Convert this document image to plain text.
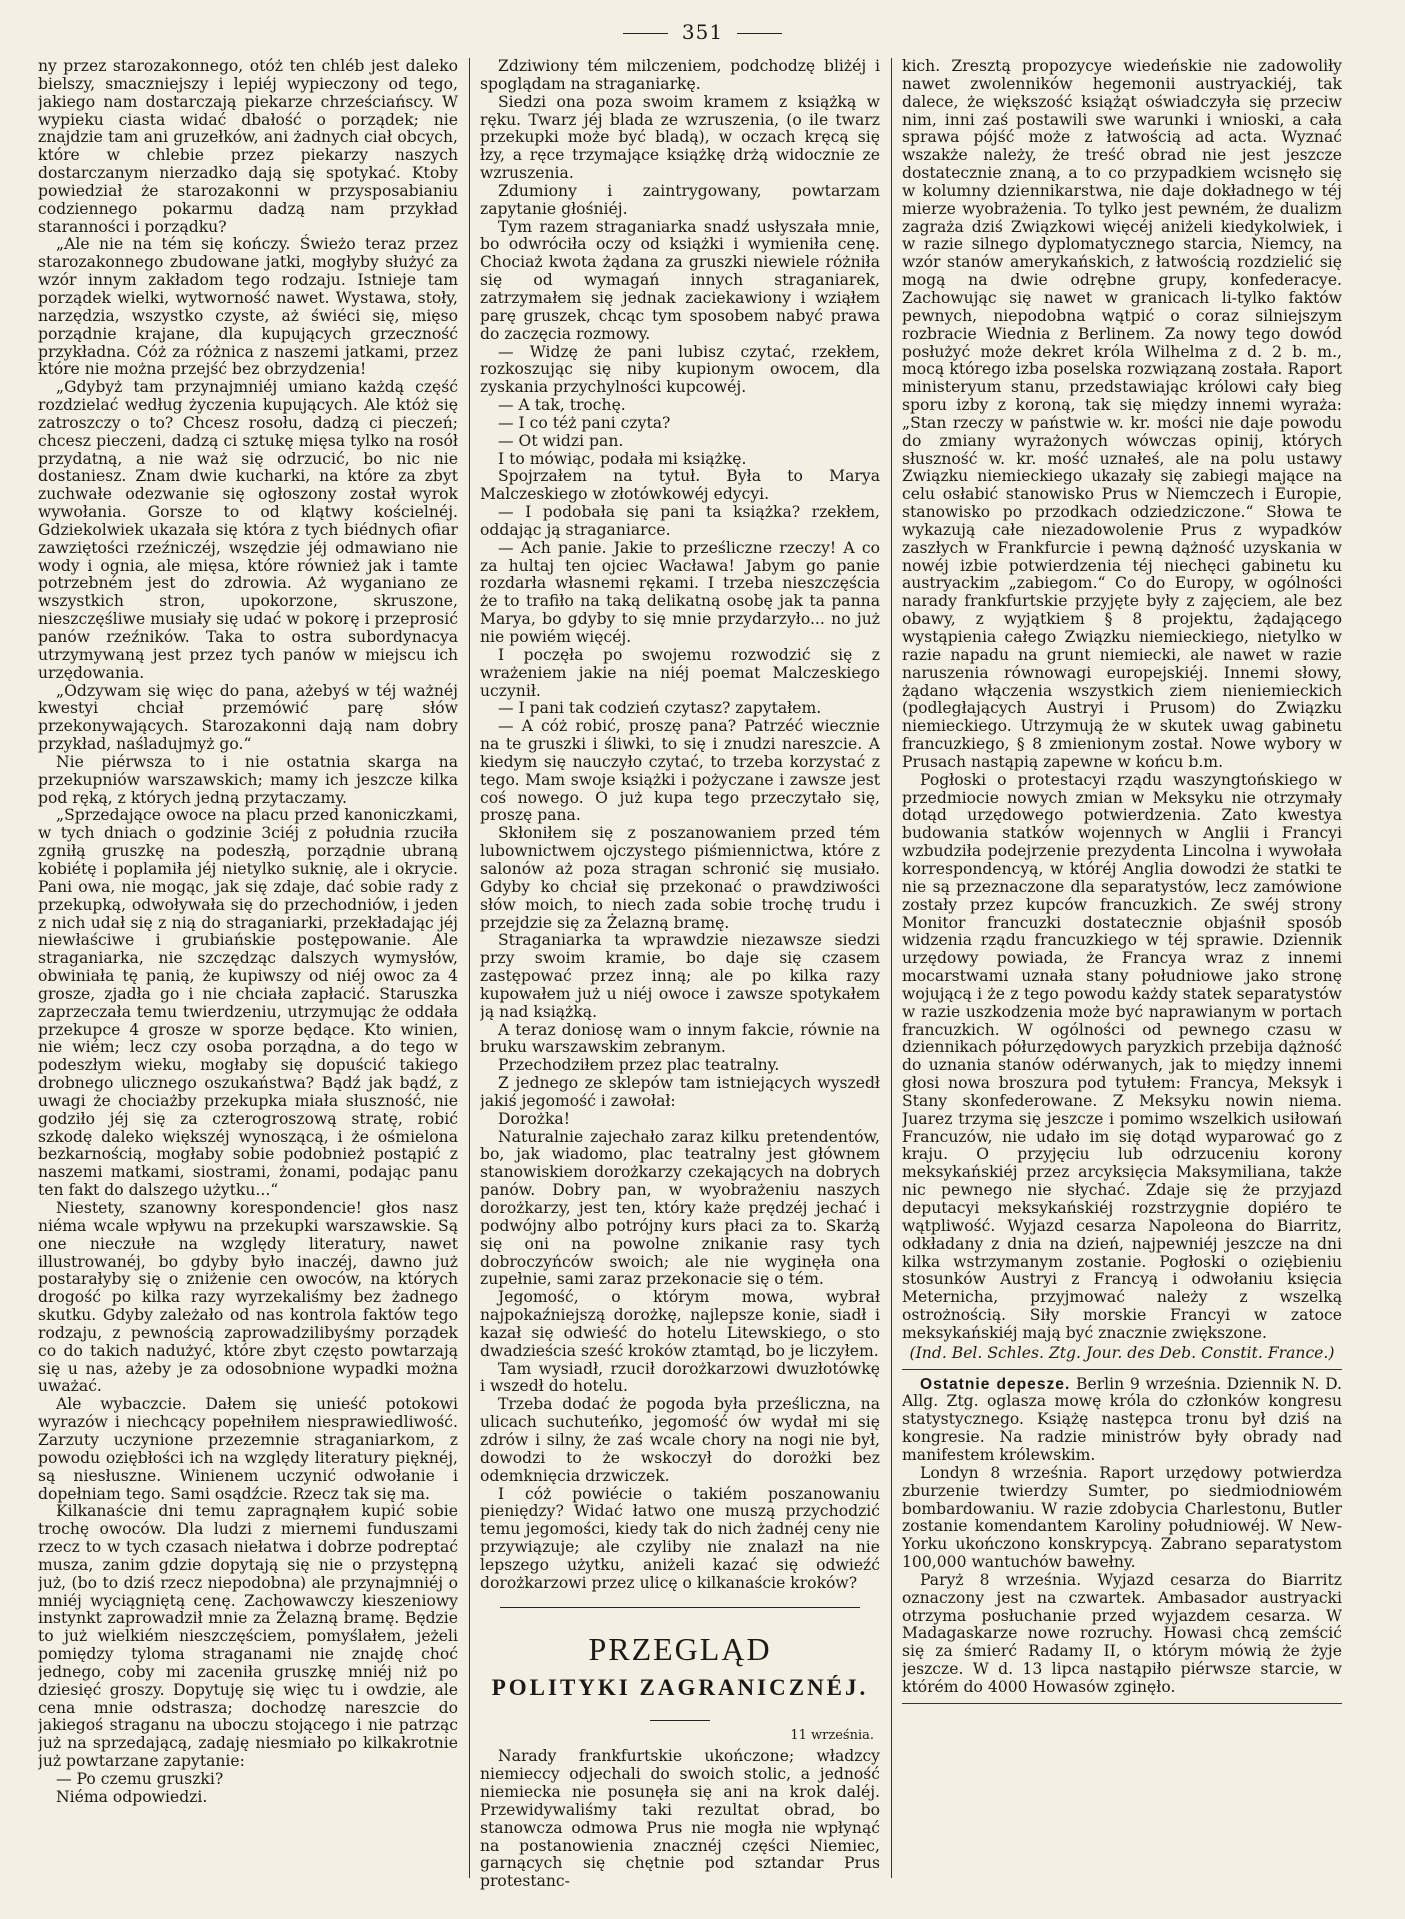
351

ny przez starozakonnego, otóż ten chléb jest daleko bielszy, smaczniejszy i lepiéj wypieczony od tego, jakiego nam dostarczają piekarze chrześciańscy. W wypieku ciasta widać dbałość o porządek; nie znajdzie tam ani gruzełków, ani żadnych ciał obcych, które w chlebie przez piekarzy naszych dostarczanym nierzadko dają się spotykać. Ktoby powiedział że starozakonni w przysposabianiu codziennego pokarmu dadzą nam przykład staranności i porządku?

„Ale nie na tém się kończy. Świeżo teraz przez starozakonnego zbudowane jatki, mogłyby służyć za wzór innym zakładom tego rodzaju. Istnieje tam porządek wielki, wytworność nawet. Wystawa, stoły, narzędzia, wszystko czyste, aż świéci się, mięso porządnie krajane, dla kupujących grzeczność przykładna. Cóż za różnica z naszemi jatkami, przez które nie można przejść bez obrzydzenia!

„Gdybyż tam przynajmniéj umiano każdą część rozdzielać według życzenia kupujących. Ale któż się zatroszczy o to? Chcesz rosołu, dadzą ci pieczeń; chcesz pieczeni, dadzą ci sztukę mięsa tylko na rosół przydatną, a nie waż się odrzucić, bo nic nie dostaniesz. Znam dwie kucharki, na które za zbyt zuchwałe odezwanie się ogłoszony został wyrok wywołania. Gorsze to od klątwy kościelnéj. Gdziekolwiek ukazała się która z tych biédnych ofiar zawziętości rzeźniczéj, wszędzie jéj odmawiano nie wody i ognia, ale mięsa, które również jak i tamte potrzebném jest do zdrowia. Aż wyganiano ze wszystkich stron, upokorzone, skruszone, nieszczęśliwe musiały się udać w pokorę i przeprosić panów rzeźników. Taka to ostra subordynacya utrzymywaną jest przez tych panów w miejscu ich urzędowania.

„Odzywam się więc do pana, ażebyś w téj ważnéj kwestyi chciał przemówić parę słów przekonywających. Starozakonni dają nam dobry przykład, naśladujmyż go.“

Nie piérwsza to i nie ostatnia skarga na przekupniów warszawskich; mamy ich jeszcze kilka pod ręką, z których jedną przytaczamy.

„Sprzedające owoce na placu przed kanoniczkami, w tych dniach o godzinie 3ciéj z południa rzuciła zgniłą gruszkę na podeszłą, porządnie ubraną kobiétę i poplamiła jéj nietylko suknię, ale i okrycie. Pani owa, nie mogąc, jak się zdaje, dać sobie rady z przekupką, odwoływała się do przechodniów, i jeden z nich udał się z nią do straganiarki, przekładając jéj niewłaściwe i grubiańskie postępowanie. Ale straganiarka, nie szczędząc dalszych wymysłów, obwiniała tę panią, że kupiwszy od niéj owoc za 4 grosze, zjadła go i nie chciała zapłacić. Staruszka zaprzeczała temu twierdzeniu, utrzymując że oddała przekupce 4 grosze w sporze będące. Kto winien, nie wiém; lecz czy osoba porządna, a do tego w podeszłym wieku, mogłaby się dopuścić takiego drobnego ulicznego oszukaństwa? Bądź jak bądź, z uwagi że chociażby przekupka miała słuszność, nie godziło jéj się za czterogroszową stratę, robić szkodę daleko większéj wynoszącą, i że ośmielona bezkarnością, mogłaby sobie podobnież postąpić z naszemi matkami, siostrami, żonami, podając panu ten fakt do dalszego użytku...“

Niestety, szanowny korespondencie! głos nasz niéma wcale wpływu na przekupki warszawskie. Są one nieczułe na względy literatury, nawet illustrowanéj, bo gdyby było inaczéj, dawno już postarałyby się o zniżenie cen owoców, na których drogość po kilka razy wyrzekaliśmy bez żadnego skutku. Gdyby zależało od nas kontrola faktów tego rodzaju, z pewnością zaprowadzilibyśmy porządek co do takich nadużyć, które zbyt często powtarzają się u nas, ażeby je za odosobnione wypadki można uważać.

Ale wybaczcie. Dałem się unieść potokowi wyrazów i niechcący popełniłem niesprawiedliwość. Zarzuty uczynione przezemnie straganiarkom, z powodu oziębłości ich na względy literatury pięknéj, są niesłuszne. Winienem uczynić odwołanie i dopełniam tego. Sami osądźcie. Rzecz tak się ma.

Kilkanaście dni temu zapragnąłem kupić sobie trochę owoców. Dla ludzi z miernemi funduszami rzecz to w tych czasach niełatwa i dobrze podreptać musza, zanim gdzie dopytają się nie o przystępną już, (bo to dziś rzecz niepodobna) ale przynajmniéj o mniéj wyciągniętą cenę. Zachowawczy kieszeniowy instynkt zaprowadził mnie za Żelazną bramę. Będzie to już wielkiém nieszczęściem, pomyślałem, jeżeli pomiędzy tyloma straganami nie znajdę choć jednego, coby mi zaceniła gruszkę mniéj niż po dziesięć groszy. Dopytuję się więc tu i owdzie, ale cena mnie odstrasza; dochodzę nareszcie do jakiegoś straganu na uboczu stojącego i nie patrząc już na sprzedającą, zadaję niesmiało po kilkakrotnie już powtarzane zapytanie:

— Po czemu gruszki?

Niéma odpowiedzi.

Zdziwiony tém milczeniem, podchodzę bliżéj i spoglądam na straganiarkę.

Siedzi ona poza swoim kramem z książką w ręku. Twarz jéj blada ze wzruszenia, (o ile twarz przekupki może być bladą), w oczach kręcą się łzy, a ręce trzymające książkę drżą widocznie ze wzruszenia.

Zdumiony i zaintrygowany, powtarzam zapytanie głośniéj.

Tym razem straganiarka snadź usłyszała mnie, bo odwróciła oczy od książki i wymieniła cenę. Chociaż kwota żądana za gruszki niewiele różniła się od wymagań innych straganiarek, zatrzymałem się jednak zaciekawiony i wziąłem parę gruszek, chcąc tym sposobem nabyć prawa do zaczęcia rozmowy.

— Widzę że pani lubisz czytać, rzekłem, rozkoszując się niby kupionym owocem, dla zyskania przychylności kupcowéj.

— A tak, trochę.

— I co téż pani czyta?

— Ot widzi pan.

I to mówiąc, podała mi książkę.

Spojrzałem na tytuł. Była to Marya Malczeskiego w złotówkowéj edycyi.

— I podobała się pani ta książka? rzekłem, oddając ją straganiarce.

— Ach panie. Jakie to prześliczne rzeczy! A co za hultaj ten ojciec Wacława! Jabym go panie rozdarła własnemi rękami. I trzeba nieszczęścia że to trafiło na taką delikatną osobę jak ta panna Marya, bo gdyby to się mnie przydarzyło... no już nie powiém więcéj.

I poczęła po swojemu rozwodzić się z wrażeniem jakie na niéj poemat Malczeskiego uczynił.

— I pani tak codzień czytasz? zapytałem.

— A cóż robić, proszę pana? Patrzéć wiecznie na te gruszki i śliwki, to się i znudzi nareszcie. A kiedym się nauczyło czytać, to trzeba korzystać z tego. Mam swoje książki i pożyczane i zawsze jest coś nowego. O już kupa tego przeczytało się, proszę pana.

Skłoniłem się z poszanowaniem przed tém lubownictwem ojczystego piśmiennictwa, które z salonów aż poza stragan schronić się musiało. Gdyby ko chciał się przekonać o prawdziwości słów moich, to niech zada sobie trochę trudu i przejdzie się za Żelazną bramę.

Straganiarka ta wprawdzie niezawsze siedzi przy swoim kramie, bo daje się czasem zastępować przez inną; ale po kilka razy kupowałem już u niéj owoce i zawsze spotykałem ją nad książką.

A teraz doniosę wam o innym fakcie, równie na bruku warszawskim zebranym.

Przechodziłem przez plac teatralny.

Z jednego ze sklepów tam istniejących wyszedł jakiś jegomość i zawołał:

Dorożka!

Naturalnie zajechało zaraz kilku pretendentów, bo, jak wiadomo, plac teatralny jest głównem stanowiskiem dorożkarzy czekających na dobrych panów. Dobry pan, w wyobrażeniu naszych dorożkarzy, jest ten, który każe prędzéj jechać i podwójny albo potrójny kurs płaci za to. Skarżą się oni na powolne znikanie rasy tych dobroczyńców swoich; ale nie wyginęła ona zupełnie, sami zaraz przekonacie się o tém.

Jegomość, o którym mowa, wybrał najpokaźniejszą dorożkę, najlepsze konie, siadł i kazał się odwieść do hotelu Litewskiego, o sto dwadzieścia sześć kroków ztamtąd, bo je liczyłem.

Tam wysiadł, rzucił dorożkarzowi dwuzłotówkę i wszedł do hotelu.

Trzeba dodać że pogoda była prześliczna, na ulicach suchuteńko, jegomość ów wydał mi się zdrów i silny, że zaś wcale chory na nogi nie był, dowodzi to że wskoczył do dorożki bez odemknięcia drzwiczek.

I cóż powiécie o takiém poszanowaniu pieniędzy? Widać łatwo one muszą przychodzić temu jegomości, kiedy tak do nich żadnéj ceny nie przywiązuje; ale czyliby nie znalazł na nie lepszego użytku, aniżeli kazać się odwieźć dorożkarzowi przez ulicę o kilkanaście kroków?

PRZEGLĄD
POLITYKI ZAGRANICZNÉJ.
11 września.

Narady frankfurtskie ukończone; władzcy niemieccy odjechali do swoich stolic, a jedność niemiecka nie posunęła się ani na krok daléj. Przewidywaliśmy taki rezultat obrad, bo stanowcza odmowa Prus nie mogła nie wpłynąć na postanowienia znacznéj części Niemiec, garnących się chętnie pod sztandar Prus protestanc-

kich. Zresztą propozycye wiedeńskie nie zadowoliły nawet zwolenników hegemonii austryackiéj, tak dalece, że większość książąt oświadczyła się przeciw nim, inni zaś postawili swe warunki i wnioski, a cała sprawa pójść może z łatwością ad acta. Wyznać wszakże należy, że treść obrad nie jest jeszcze dostatecznie znaną, a to co przypadkiem wcisnęło się w kolumny dziennikarstwa, nie daje dokładnego w téj mierze wyobrażenia. To tylko jest pewném, że dualizm zagraża dziś Związkowi więcéj aniżeli kiedykolwiek, i w razie silnego dyplomatycznego starcia, Niemcy, na wzór stanów amerykańskich, z łatwością rozdzielić się mogą na dwie odrębne grupy, konfederacye. Zachowując się nawet w granicach li-tylko faktów pewnych, niepodobna wątpić o coraz silniejszym rozbracie Wiednia z Berlinem. Za nowy tego dowód posłużyć może dekret króla Wilhelma z d. 2 b. m., mocą którego izba poselska rozwiązaną została. Raport ministeryum stanu, przedstawiając królowi cały bieg sporu izby z koroną, tak się między innemi wyraża: „Stan rzeczy w państwie w. kr. mości nie daje powodu do zmiany wyrażonych wówczas opinij, których słuszność w. kr. mość uznałeś, ale na polu ustawy Związku niemieckiego ukazały się zabiegi mające na celu osłabić stanowisko Prus w Niemczech i Europie, stanowisko po przodkach odziedziczone.“ Słowa te wykazują całe niezadowolenie Prus z wypadków zaszłych w Frankfurcie i pewną dążność uzyskania w nowéj izbie potwierdzenia téj niechęci gabinetu ku austryackim „zabiegom.“ Co do Europy, w ogólności narady frankfurtskie przyjęte były z zajęciem, ale bez obawy, z wyjątkiem § 8 projektu, żądającego wystąpienia całego Związku niemieckiego, nietylko w razie napadu na grunt niemiecki, ale nawet w razie naruszenia równowagi europejskiéj. Innemi słowy, żądano włączenia wszystkich ziem nieniemieckich (podległających Austryi i Prusom) do Związku niemieckiego. Utrzymują że w skutek uwag gabinetu francuzkiego, § 8 zmienionym został. Nowe wybory w Prusach nastąpią zapewne w końcu b.m.

Pogłoski o protestacyi rządu waszyngtońskiego w przedmiocie nowych zmian w Meksyku nie otrzymały dotąd urzędowego potwierdzenia. Zato kwestya budowania statków wojennych w Anglii i Francyi wzbudziła podejrzenie prezydenta Lincolna i wywołała korrespondencyą, w któréj Anglia dowodzi że statki te nie są przeznaczone dla separatystów, lecz zamówione zostały przez kupców francuzkich. Ze swéj strony Monitor francuzki dostatecznie objaśnił sposób widzenia rządu francuzkiego w téj sprawie. Dziennik urzędowy powiada, że Francya wraz z innemi mocarstwami uznała stany południowe jako stronę wojującą i że z tego powodu każdy statek separatystów w razie uszkodzenia może być naprawianym w portach francuzkich. W ogólności od pewnego czasu w dziennikach półurzędowych paryzkich przebija dążność do uznania stanów odérwanych, jak to między innemi głosi nowa broszura pod tytułem: Francya, Meksyk i Stany skonfederowane. Z Meksyku nowin niema. Juarez trzyma się jeszcze i pomimo wszelkich usiłowań Francuzów, nie udało im się dotąd wyparować go z kraju. O przyjęciu lub odrzuceniu korony meksykańskiéj przez arcyksięcia Maksymiliana, także nic pewnego nie słychać. Zdaje się że przyjazd deputacyi meksykańskiéj rozstrzygnie dopiéro te wątpliwość. Wyjazd cesarza Napoleona do Biarritz, odkładany z dnia na dzień, najpewniéj jeszcze na dni kilka wstrzymanym zostanie. Pogłoski o oziębieniu stosunków Austryi z Francyą i odwołaniu księcia Meternicha, przyjmować należy z wszelką ostrożnością. Siły morskie Francyi w zatoce meksykańskiéj mają być znacznie zwiększone.

(Ind. Bel. Schles. Ztg. Jour. des Deb. Constit. France.)

Ostatnie depesze. Berlin 9 września. Dziennik N. D. Allg. Ztg. oglasza mowę króla do członków kongresu statystycznego. Książę następca tronu był dziś na kongresie. Na radzie ministrów były obrady nad manifestem królewskim.

Londyn 8 września. Raport urzędowy potwierdza zburzenie twierdzy Sumter, po siedmiodniowém bombardowaniu. W razie zdobycia Charlestonu, Butler zostanie komendantem Karoliny południowéj. W New-Yorku ukończono konskrypcyą. Zabrano separatystom 100,000 wantuchów bawełny.

Paryż 8 września. Wyjazd cesarza do Biarritz oznaczony jest na czwartek. Ambasador austryacki otrzyma posłuchanie przed wyjazdem cesarza. W Madagaskarze nowe rozruchy. Howasi chcą zemścić się za śmierć Radamy II, o którym mówią że żyje jeszcze. W d. 13 lipca nastąpiło piérwsze starcie, w którém do 4000 Howasów zginęło.
